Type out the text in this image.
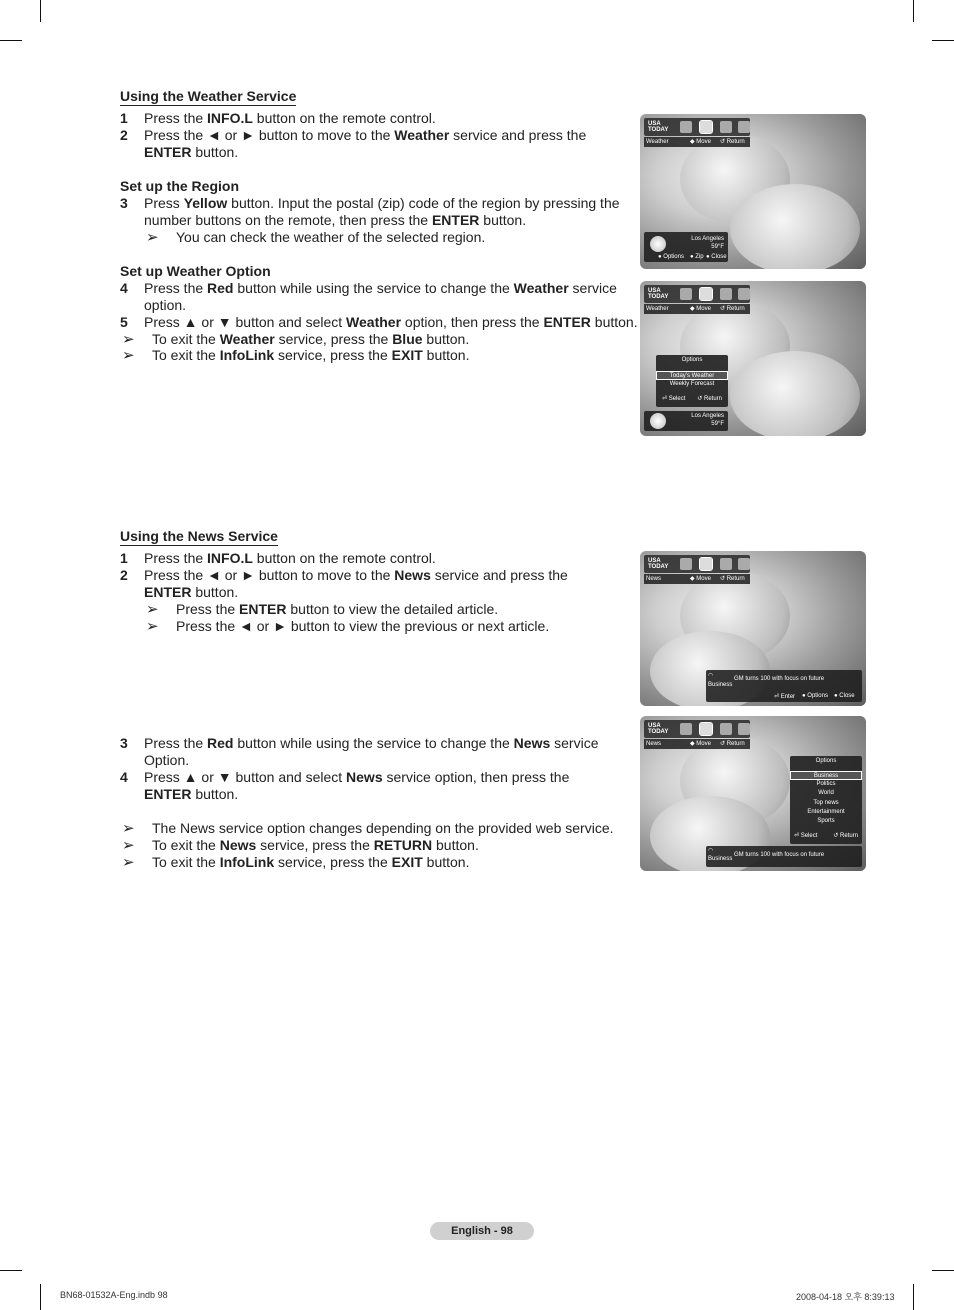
Using the Weather Service
1 Press the INFO.L button on the remote control.
2 Press the ◄ or ► button to move to the Weather service and press the
ENTER button.
Set up the Region
3 Press Yellow button. Input the postal (zip) code of the region by pressing the
number buttons on the remote, then press the ENTER button.
➢ You can check the weather of the selected region.
Set up Weather Option
4 Press the Red button while using the service to change the Weather service
option.
5 Press ▲ or ▼ button and select Weather option, then press the ENTER button.
➢ To exit the Weather service, press the Blue button.
➢ To exit the InfoLink service, press the EXIT button.
USA TODAY
Weather	◆ Move ↺ Return
Los Angeles
59°F
● Options ● Zip ● Close
USA TODAY
Weather	◆ Move ↺ Return
Options
Today's Weather
Weekly Forecast
⏎ Select	↺ Return
Los Angeles
59°F
Using the News Service
1 Press the INFO.L button on the remote control.
2 Press the ◄ or ► button to move to the News service and press the
ENTER button.
➢ Press the ENTER button to view the detailed article.
➢ Press the ◄ or ► button to view the previous or next article.
3 Press the Red button while using the service to change the News service
Option.
4 Press ▲ or ▼ button and select News service option, then press the
ENTER button.
➢ The News service option changes depending on the provided web service.
➢ To exit the News service, press the RETURN button.
➢ To exit the InfoLink service, press the EXIT button.
USA TODAY
News	◆ Move ↺ Return
◠
Business
GM turns 100 with focus on future
⏎ Enter ● Options ● Close
USA TODAY
News	◆ Move ↺ Return
Options
Business
Politics
World
Top news
Entertainment
Sports
⏎ Select	↺ Return
◠
Business
GM turns 100 with focus on future
English - 98
BN68-01532A-Eng.indb 98	2008-04-18 오후 8:39:13
